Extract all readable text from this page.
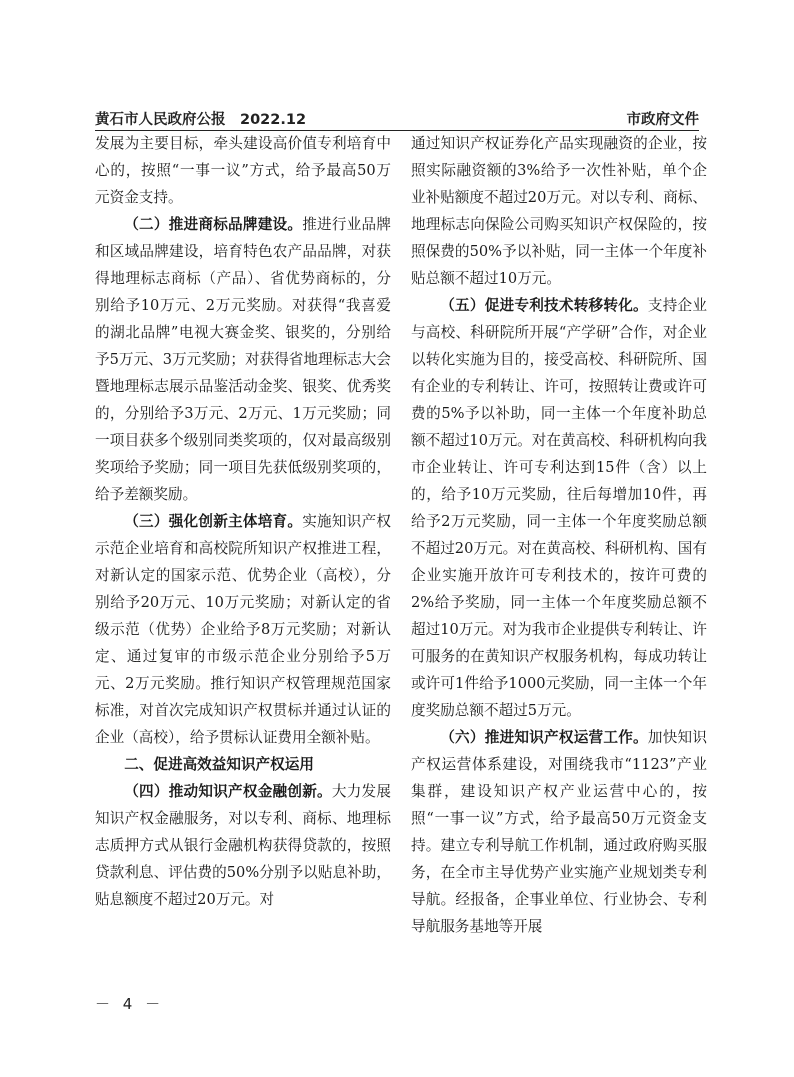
黄石市人民政府公报　2022.12	市政府文件

发展为主要目标，牵头建设高价值专利培育中心的，按照“一事一议”方式，给予最高50万元资金支持。

（二）推进商标品牌建设。推进行业品牌和区域品牌建设，培育特色农产品品牌，对获得地理标志商标（产品）、省优势商标的，分别给予10万元、2万元奖励。对获得“我喜爱的湖北品牌”电视大赛金奖、银奖的，分别给予5万元、3万元奖励；对获得省地理标志大会暨地理标志展示品鉴活动金奖、银奖、优秀奖的，分别给予3万元、2万元、1万元奖励；同一项目获多个级别同类奖项的，仅对最高级别奖项给予奖励；同一项目先获低级别奖项的，给予差额奖励。

（三）强化创新主体培育。实施知识产权示范企业培育和高校院所知识产权推进工程，对新认定的国家示范、优势企业（高校），分别给予20万元、10万元奖励；对新认定的省级示范（优势）企业给予8万元奖励；对新认定、通过复审的市级示范企业分别给予5万元、2万元奖励。推行知识产权管理规范国家标准，对首次完成知识产权贯标并通过认证的企业（高校），给予贯标认证费用全额补贴。

二、促进高效益知识产权运用

（四）推动知识产权金融创新。大力发展知识产权金融服务，对以专利、商标、地理标志质押方式从银行金融机构获得贷款的，按照贷款利息、评估费的50%分别予以贴息补助，贴息额度不超过20万元。对

通过知识产权证券化产品实现融资的企业，按照实际融资额的3%给予一次性补贴，单个企业补贴额度不超过20万元。对以专利、商标、地理标志向保险公司购买知识产权保险的，按照保费的50%予以补贴，同一主体一个年度补贴总额不超过10万元。

（五）促进专利技术转移转化。支持企业与高校、科研院所开展“产学研”合作，对企业以转化实施为目的，接受高校、科研院所、国有企业的专利转让、许可，按照转让费或许可费的5%予以补助，同一主体一个年度补助总额不超过10万元。对在黄高校、科研机构向我市企业转让、许可专利达到15件（含）以上的，给予10万元奖励，往后每增加10件，再给予2万元奖励，同一主体一个年度奖励总额不超过20万元。对在黄高校、科研机构、国有企业实施开放许可专利技术的，按许可费的2%给予奖励，同一主体一个年度奖励总额不超过10万元。对为我市企业提供专利转让、许可服务的在黄知识产权服务机构，每成功转让或许可1件给予1000元奖励，同一主体一个年度奖励总额不超过5万元。

（六）推进知识产权运营工作。加快知识产权运营体系建设，对围绕我市“1123”产业集群，建设知识产权产业运营中心的，按照“一事一议”方式，给予最高50万元资金支持。建立专利导航工作机制，通过政府购买服务，在全市主导优势产业实施产业规划类专利导航。经报备，企事业单位、行业协会、专利导航服务基地等开展

－ 4 －
